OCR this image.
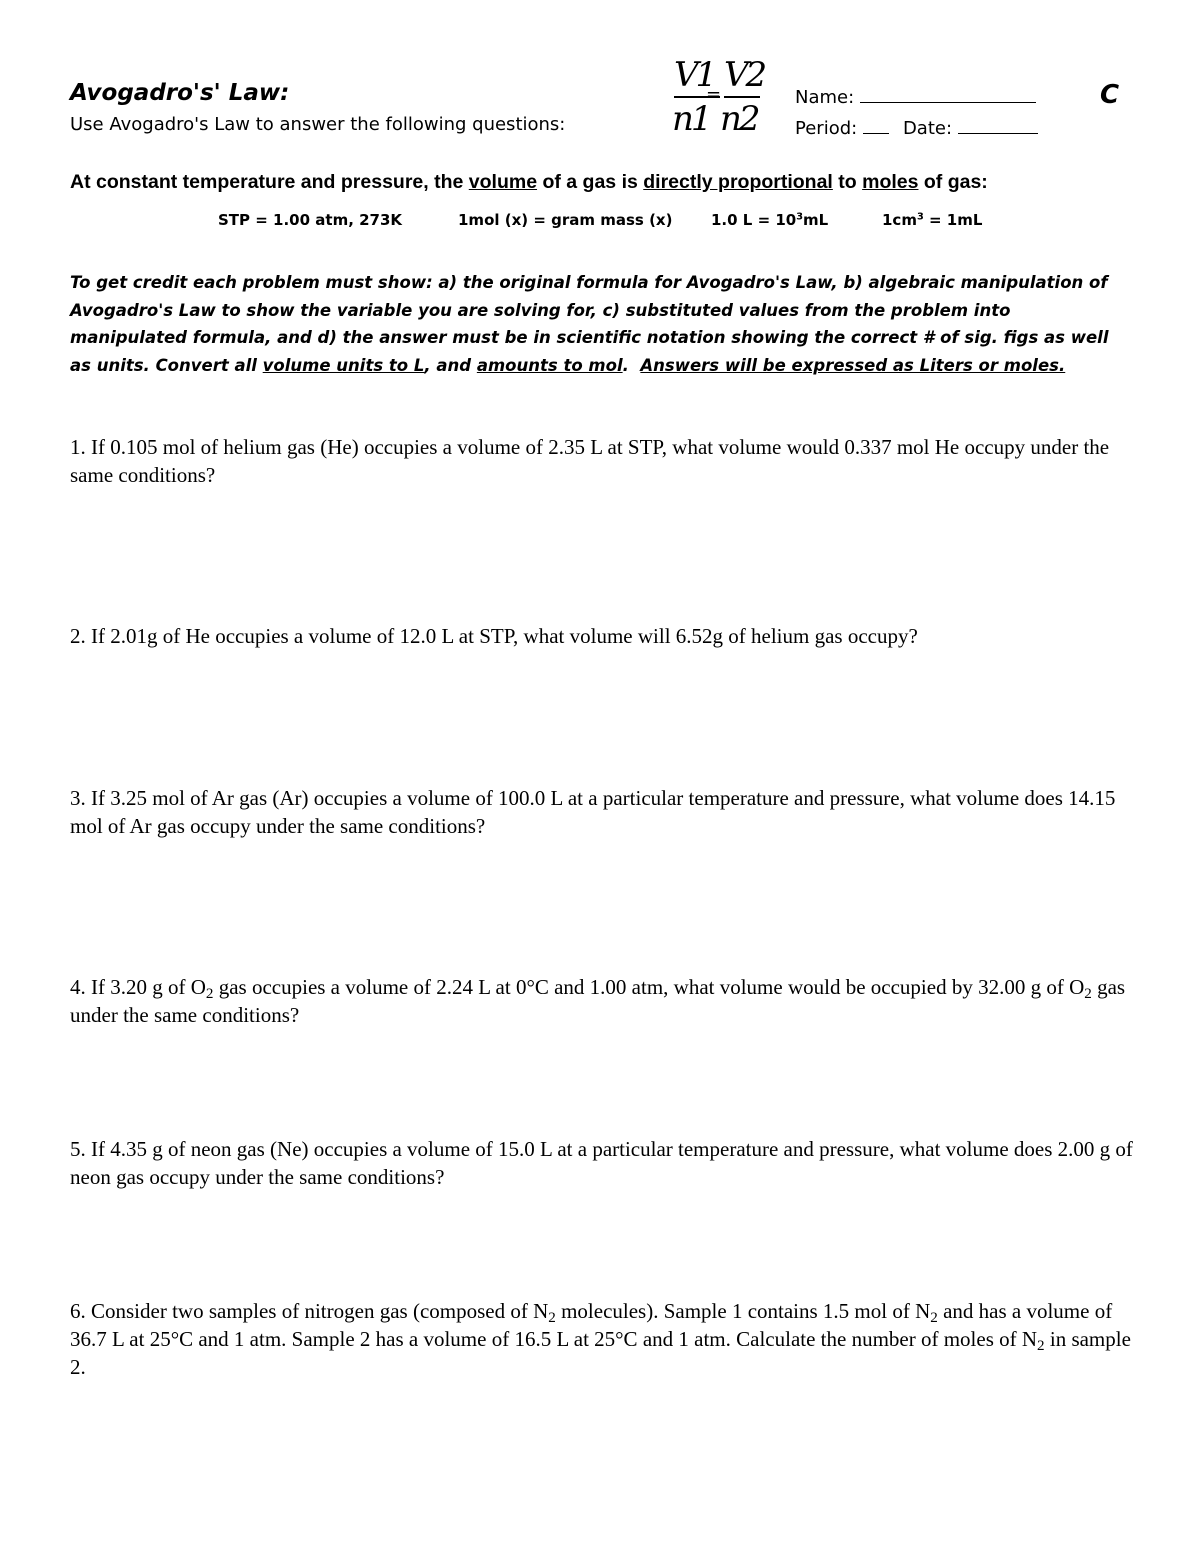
Avogadro's' Law:
Use Avogadro's Law to answer the following questions:
V1 V2
=
n1 n2
Name:
Period:	Date:
C
At constant temperature and pressure, the volume of a gas is directly proportional to moles of gas:
STP = 1.00 atm, 273K	1mol (x) = gram mass (x)	1.0 $L = 10^3mL$	$1cm^3 = 1mL$
To get credit each problem must show: a) the original formula for Avogadro's Law, b) algebraic manipulation of Avogadro's Law to show the variable you are solving for, c) substituted values from the problem into manipulated formula, and d) the answer must be in scientific notation showing the correct # of sig. figs as well as units. Convert all volume units to L, and amounts to mol.  Answers will be expressed as Liters or moles.
1. If 0.105 mol of helium gas (He) occupies a volume of 2.35 L at STP, what volume would 0.337 mol He occupy under the same conditions?
2. If 2.01g of He occupies a volume of 12.0 L at STP, what volume will 6.52g of helium gas occupy?
3. If 3.25 mol of Ar gas (Ar) occupies a volume of 100.0 L at a particular temperature and pressure, what volume does 14.15 mol of Ar gas occupy under the same conditions?
4. If 3.20 g of $O_2$ gas occupies a volume of 2.24 L at 0°C and 1.00 atm, what volume would be occupied by 32.00 g of $O_2$ gas under the same conditions?
5. If 4.35 g of neon gas (Ne) occupies a volume of 15.0 L at a particular temperature and pressure, what volume does 2.00 g of neon gas occupy under the same conditions?
6. Consider two samples of nitrogen gas (composed of $N_2$ molecules). Sample 1 contains 1.5 mol of $N_2$ and has a volume of 36.7 L at 25°C and 1 atm. Sample 2 has a volume of 16.5 L at 25°C and 1 atm. Calculate the number of moles of $N_2$ in sample 2.
